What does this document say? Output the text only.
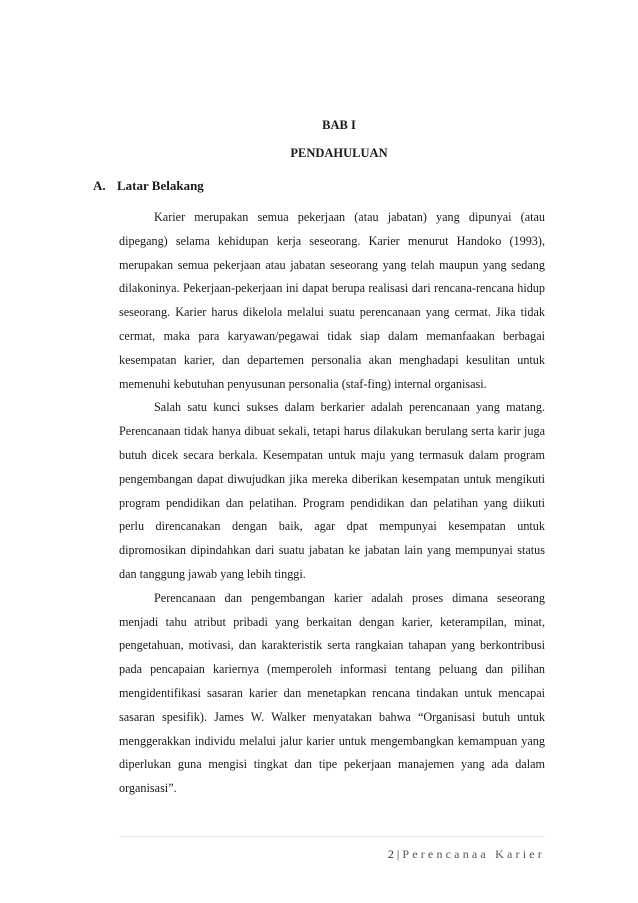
BAB I
PENDAHULUAN
A. Latar Belakang

Karier merupakan semua pekerjaan (atau jabatan) yang dipunyai (atau dipegang) selama kehidupan kerja seseorang. Karier menurut Handoko (1993), merupakan semua pekerjaan atau jabatan seseorang yang telah maupun yang sedang dilakoninya. Pekerjaan-pekerjaan ini dapat berupa realisasi dari rencana-rencana hidup seseorang. Karier harus dikelola melalui suatu perencanaan yang cermat. Jika tidak cermat, maka para karyawan/pegawai tidak siap dalam memanfaakan berbagai kesempatan karier, dan departemen personalia akan menghadapi kesulitan untuk memenuhi kebutuhan penyusunan personalia (staf-fing) internal organisasi.

Salah satu kunci sukses dalam berkarier adalah perencanaan yang matang. Perencanaan tidak hanya dibuat sekali, tetapi harus dilakukan berulang serta karir juga butuh dicek secara berkala. Kesempatan untuk maju yang termasuk dalam program pengembangan dapat diwujudkan jika mereka diberikan kesempatan untuk mengikuti program pendidikan dan pelatihan. Program pendidikan dan pelatihan yang diikuti perlu direncanakan dengan baik, agar dpat mempunyai kesempatan untuk dipromosikan dipindahkan dari suatu jabatan ke jabatan lain yang mempunyai status dan tanggung jawab yang lebih tinggi.

Perencanaan dan pengembangan karier adalah proses dimana seseorang menjadi tahu atribut pribadi yang berkaitan dengan karier, keterampilan, minat, pengetahuan, motivasi, dan karakteristik serta rangkaian tahapan yang berkontribusi pada pencapaian kariernya (memperoleh informasi tentang peluang dan pilihan mengidentifikasi sasaran karier dan menetapkan rencana tindakan untuk mencapai sasaran spesifik). James W. Walker menyatakan bahwa “Organisasi butuh untuk menggerakkan individu melalui jalur karier untuk mengembangkan kemampuan yang diperlukan guna mengisi tingkat dan tipe pekerjaan manajemen yang ada dalam organisasi”.

2 | Perencanaa Karier
